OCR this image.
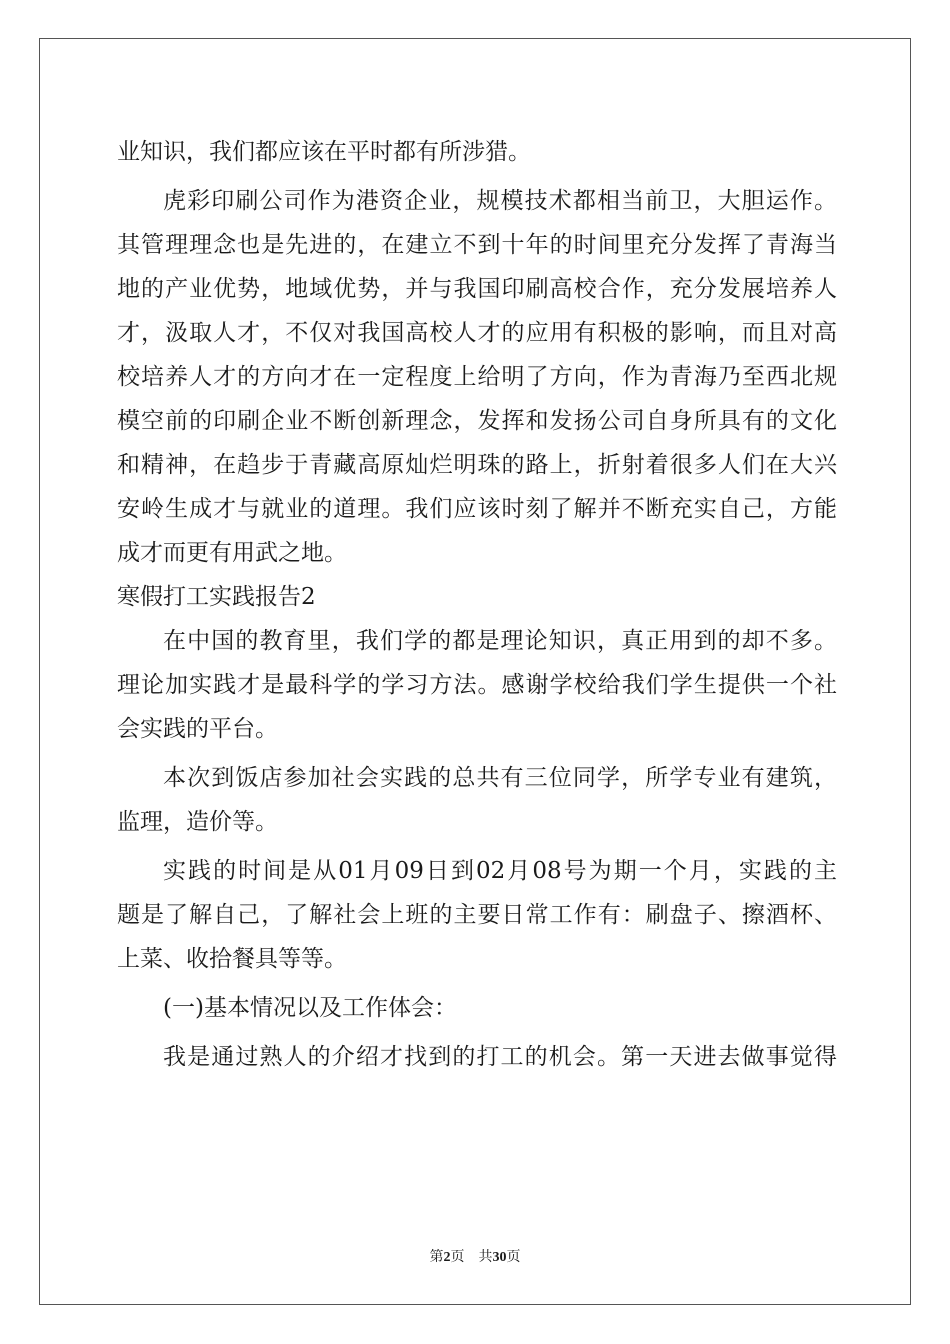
业知识，我们都应该在平时都有所涉猎。
虎彩印刷公司作为港资企业，规模技术都相当前卫，大胆运作。
其管理理念也是先进的，在建立不到十年的时间里充分发挥了青海当
地的产业优势，地域优势，并与我国印刷高校合作，充分发展培养人
才，汲取人才，不仅对我国高校人才的应用有积极的影响，而且对高
校培养人才的方向才在一定程度上给明了方向，作为青海乃至西北规
模空前的印刷企业不断创新理念，发挥和发扬公司自身所具有的文化
和精神，在趋步于青藏高原灿烂明珠的路上，折射着很多人们在大兴
安岭生成才与就业的道理。我们应该时刻了解并不断充实自己，方能
成才而更有用武之地。
寒假打工实践报告2
在中国的教育里，我们学的都是理论知识，真正用到的却不多。
理论加实践才是最科学的学习方法。感谢学校给我们学生提供一个社
会实践的平台。
本次到饭店参加社会实践的总共有三位同学，所学专业有建筑，
监理，造价等。
实践的时间是从01月09日到02月08号为期一个月，实践的主
题是了解自己，了解社会上班的主要日常工作有：刷盘子、擦酒杯、
上菜、收拾餐具等等。
(一)基本情况以及工作体会：
我是通过熟人的介绍才找到的打工的机会。第一天进去做事觉得
第2页 共30页
